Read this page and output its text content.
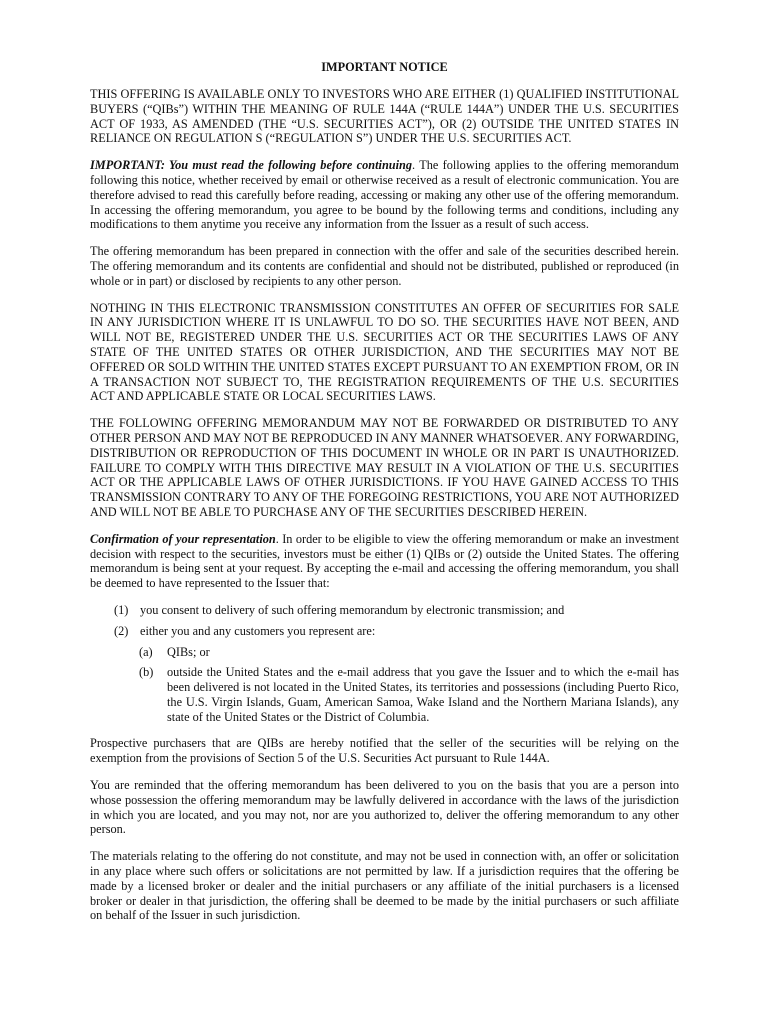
IMPORTANT NOTICE

THIS OFFERING IS AVAILABLE ONLY TO INVESTORS WHO ARE EITHER (1) QUALIFIED INSTITUTIONAL BUYERS (“QIBs”) WITHIN THE MEANING OF RULE 144A (“RULE 144A”) UNDER THE U.S. SECURITIES ACT OF 1933, AS AMENDED (THE “U.S. SECURITIES ACT”), OR (2) OUTSIDE THE UNITED STATES IN RELIANCE ON REGULATION S (“REGULATION S”) UNDER THE U.S. SECURITIES ACT.

IMPORTANT: You must read the following before continuing. The following applies to the offering memorandum following this notice, whether received by email or otherwise received as a result of electronic communication. You are therefore advised to read this carefully before reading, accessing or making any other use of the offering memorandum. In accessing the offering memorandum, you agree to be bound by the following terms and conditions, including any modifications to them anytime you receive any information from the Issuer as a result of such access.

The offering memorandum has been prepared in connection with the offer and sale of the securities described herein. The offering memorandum and its contents are confidential and should not be distributed, published or reproduced (in whole or in part) or disclosed by recipients to any other person.

NOTHING IN THIS ELECTRONIC TRANSMISSION CONSTITUTES AN OFFER OF SECURITIES FOR SALE IN ANY JURISDICTION WHERE IT IS UNLAWFUL TO DO SO. THE SECURITIES HAVE NOT BEEN, AND WILL NOT BE, REGISTERED UNDER THE U.S. SECURITIES ACT OR THE SECURITIES LAWS OF ANY STATE OF THE UNITED STATES OR OTHER JURISDICTION, AND THE SECURITIES MAY NOT BE OFFERED OR SOLD WITHIN THE UNITED STATES EXCEPT PURSUANT TO AN EXEMPTION FROM, OR IN A TRANSACTION NOT SUBJECT TO, THE REGISTRATION REQUIREMENTS OF THE U.S. SECURITIES ACT AND APPLICABLE STATE OR LOCAL SECURITIES LAWS.

THE FOLLOWING OFFERING MEMORANDUM MAY NOT BE FORWARDED OR DISTRIBUTED TO ANY OTHER PERSON AND MAY NOT BE REPRODUCED IN ANY MANNER WHATSOEVER. ANY FORWARDING, DISTRIBUTION OR REPRODUCTION OF THIS DOCUMENT IN WHOLE OR IN PART IS UNAUTHORIZED. FAILURE TO COMPLY WITH THIS DIRECTIVE MAY RESULT IN A VIOLATION OF THE U.S. SECURITIES ACT OR THE APPLICABLE LAWS OF OTHER JURISDICTIONS. IF YOU HAVE GAINED ACCESS TO THIS TRANSMISSION CONTRARY TO ANY OF THE FOREGOING RESTRICTIONS, YOU ARE NOT AUTHORIZED AND WILL NOT BE ABLE TO PURCHASE ANY OF THE SECURITIES DESCRIBED HEREIN.

Confirmation of your representation. In order to be eligible to view the offering memorandum or make an investment decision with respect to the securities, investors must be either (1) QIBs or (2) outside the United States. The offering memorandum is being sent at your request. By accepting the e-mail and accessing the offering memorandum, you shall be deemed to have represented to the Issuer that:

(1) you consent to delivery of such offering memorandum by electronic transmission; and
(2) either you and any customers you represent are:
(a) QIBs; or
(b) outside the United States and the e-mail address that you gave the Issuer and to which the e-mail has been delivered is not located in the United States, its territories and possessions (including Puerto Rico, the U.S. Virgin Islands, Guam, American Samoa, Wake Island and the Northern Mariana Islands), any state of the United States or the District of Columbia.

Prospective purchasers that are QIBs are hereby notified that the seller of the securities will be relying on the exemption from the provisions of Section 5 of the U.S. Securities Act pursuant to Rule 144A.

You are reminded that the offering memorandum has been delivered to you on the basis that you are a person into whose possession the offering memorandum may be lawfully delivered in accordance with the laws of the jurisdiction in which you are located, and you may not, nor are you authorized to, deliver the offering memorandum to any other person.

The materials relating to the offering do not constitute, and may not be used in connection with, an offer or solicitation in any place where such offers or solicitations are not permitted by law. If a jurisdiction requires that the offering be made by a licensed broker or dealer and the initial purchasers or any affiliate of the initial purchasers is a licensed broker or dealer in that jurisdiction, the offering shall be deemed to be made by the initial purchasers or such affiliate on behalf of the Issuer in such jurisdiction.
